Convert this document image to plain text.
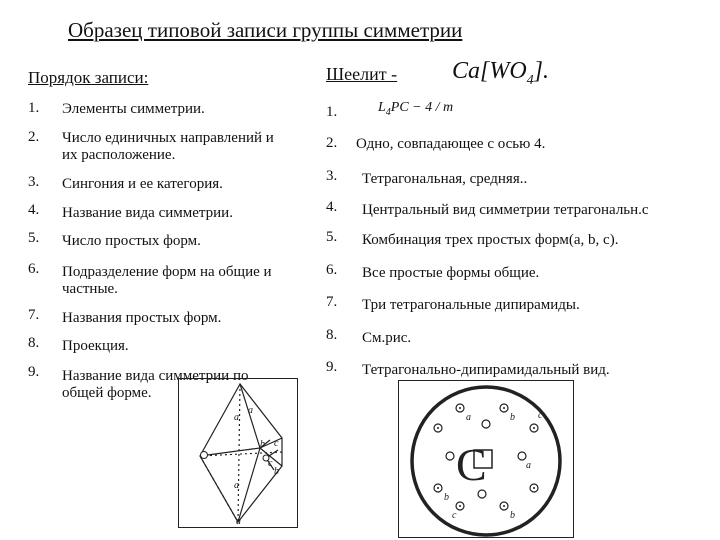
Образец типовой записи группы симметрии
Порядок записи:	Шеелит - $Ca[WO_4]$.
1. Элементы симметрии.
2. Число единичных направлений и
их расположение.
3. Сингония и ее категория.
4. Название вида симметрии.
5. Число простых форм.
6. Подразделение форм на общие и
частные.
7. Названия простых форм.
8. Проекция.
9. Название вида симметрии по
общей форме.
1.	$L_4PC - 4 / m$
2. Одно, совпадающее с осью 4.
3. Тетрагональная, средняя..
4. Центральный вид симметрии тетрагональн.с
5. Комбинация трех простых форм(a, b, c).
6. Все простые формы общие.
7. Три тетрагональные дипирамиды.
8. См.рис.
9. Тетрагонально-дипирамидальный вид.
a
a
b c
c
b
a
a
C
a	b c
a
b
c	b
